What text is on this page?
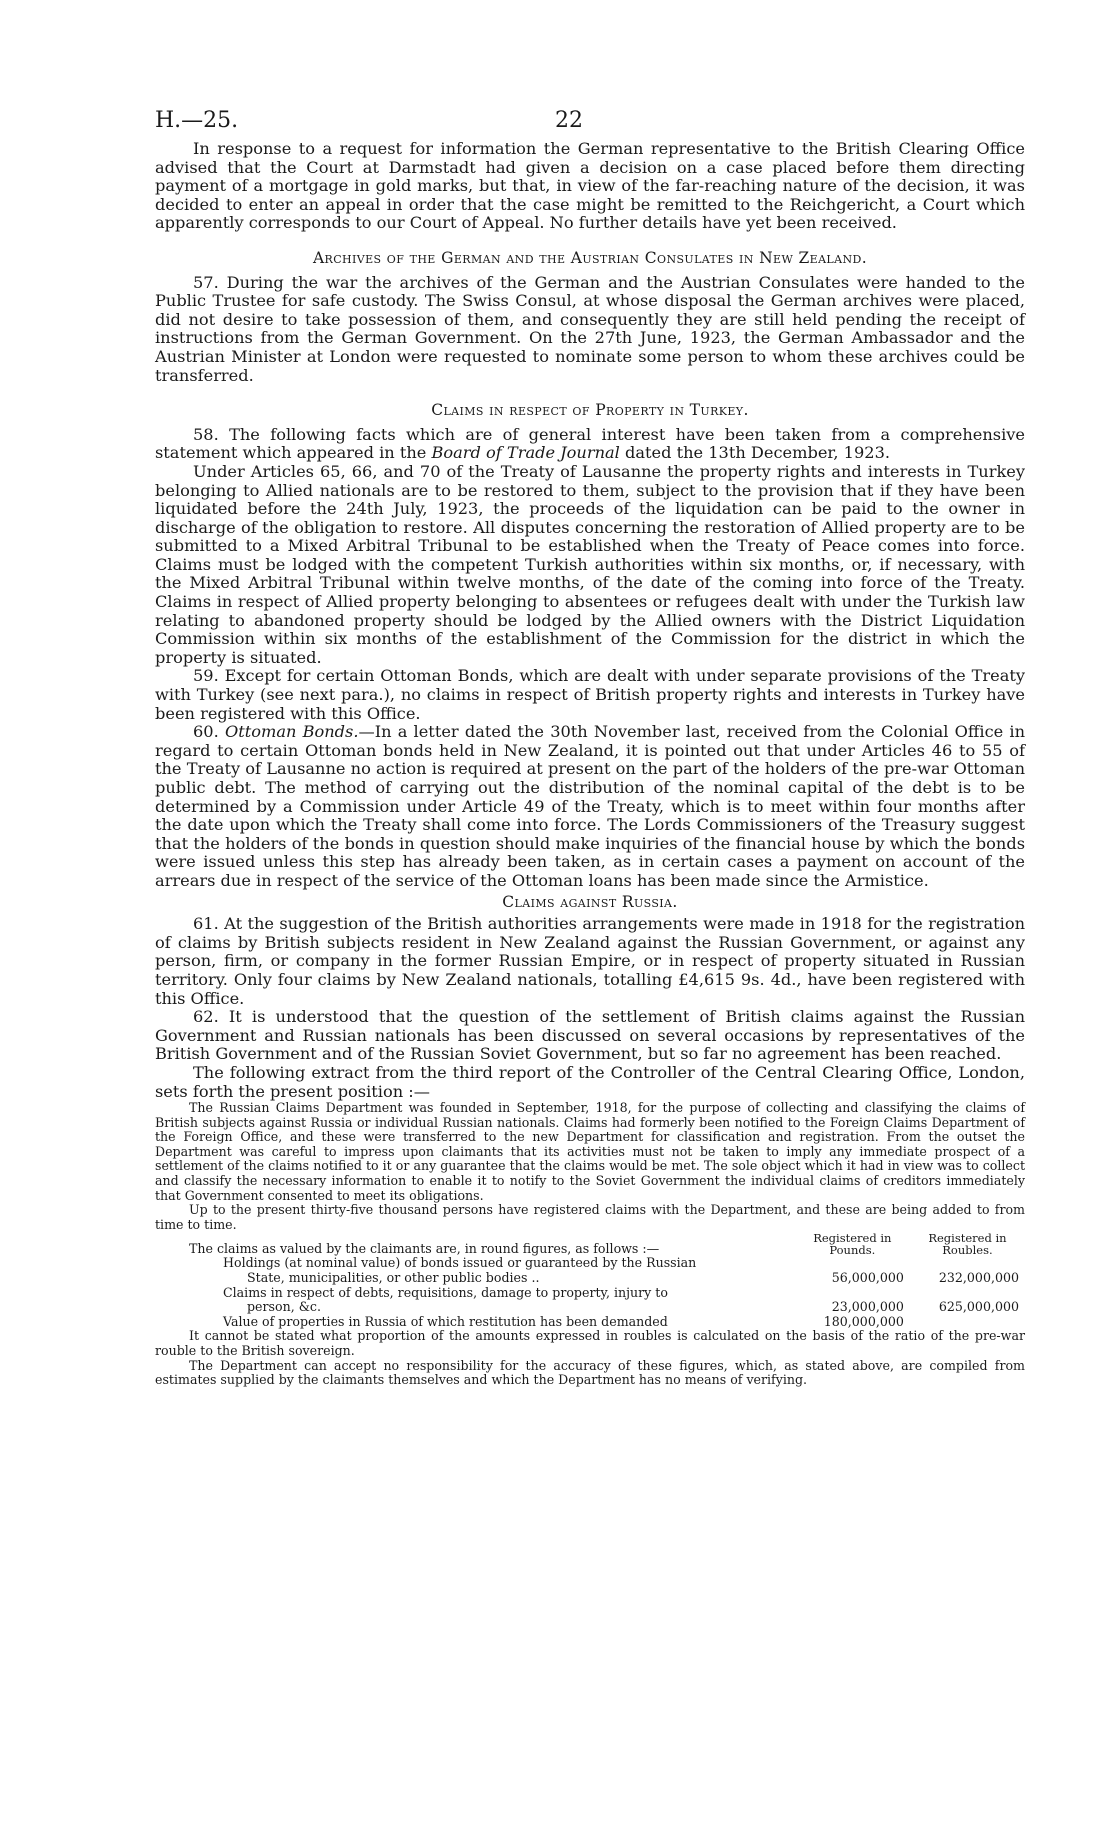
H.—25.	22

In response to a request for information the German representative to the British Clearing Office advised that the Court at Darmstadt had given a decision on a case placed before them directing payment of a mortgage in gold marks, but that, in view of the far-reaching nature of the decision, it was decided to enter an appeal in order that the case might be remitted to the Reichgericht, a Court which apparently corresponds to our Court of Appeal. No further details have yet been received.

Archives of the German and the Austrian Consulates in New Zealand.

57. During the war the archives of the German and the Austrian Consulates were handed to the Public Trustee for safe custody. The Swiss Consul, at whose disposal the German archives were placed, did not desire to take possession of them, and consequently they are still held pending the receipt of instructions from the German Government. On the 27th June, 1923, the German Ambassador and the Austrian Minister at London were requested to nominate some person to whom these archives could be transferred.

Claims in respect of Property in Turkey.

58. The following facts which are of general interest have been taken from a comprehensive statement which appeared in the Board of Trade Journal dated the 13th December, 1923.

Under Articles 65, 66, and 70 of the Treaty of Lausanne the property rights and interests in Turkey belonging to Allied nationals are to be restored to them, subject to the provision that if they have been liquidated before the 24th July, 1923, the proceeds of the liquidation can be paid to the owner in discharge of the obligation to restore. All disputes concerning the restoration of Allied property are to be submitted to a Mixed Arbitral Tribunal to be established when the Treaty of Peace comes into force. Claims must be lodged with the competent Turkish authorities within six months, or, if necessary, with the Mixed Arbitral Tribunal within twelve months, of the date of the coming into force of the Treaty. Claims in respect of Allied property belonging to absentees or refugees dealt with under the Turkish law relating to abandoned property should be lodged by the Allied owners with the District Liquidation Commission within six months of the establishment of the Commission for the district in which the property is situated.

59. Except for certain Ottoman Bonds, which are dealt with under separate provisions of the Treaty with Turkey (see next para.), no claims in respect of British property rights and interests in Turkey have been registered with this Office.

60. Ottoman Bonds.—In a letter dated the 30th November last, received from the Colonial Office in regard to certain Ottoman bonds held in New Zealand, it is pointed out that under Articles 46 to 55 of the Treaty of Lausanne no action is required at present on the part of the holders of the pre-war Ottoman public debt. The method of carrying out the distribution of the nominal capital of the debt is to be determined by a Commission under Article 49 of the Treaty, which is to meet within four months after the date upon which the Treaty shall come into force. The Lords Commissioners of the Treasury suggest that the holders of the bonds in question should make inquiries of the financial house by which the bonds were issued unless this step has already been taken, as in certain cases a payment on account of the arrears due in respect of the service of the Ottoman loans has been made since the Armistice.

Claims against Russia.

61. At the suggestion of the British authorities arrangements were made in 1918 for the registration of claims by British subjects resident in New Zealand against the Russian Government, or against any person, firm, or company in the former Russian Empire, or in respect of property situated in Russian territory. Only four claims by New Zealand nationals, totalling £4,615 9s. 4d., have been registered with this Office.

62. It is understood that the question of the settlement of British claims against the Russian Government and Russian nationals has been discussed on several occasions by representatives of the British Government and of the Russian Soviet Government, but so far no agreement has been reached.

The following extract from the third report of the Controller of the Central Clearing Office, London, sets forth the present position :—

The Russian Claims Department was founded in September, 1918, for the purpose of collecting and classifying the claims of British subjects against Russia or individual Russian nationals. Claims had formerly been notified to the Foreign Claims Department of the Foreign Office, and these were transferred to the new Department for classification and registration. From the outset the Department was careful to impress upon claimants that its activities must not be taken to imply any immediate prospect of a settlement of the claims notified to it or any guarantee that the claims would be met. The sole object which it had in view was to collect and classify the necessary information to enable it to notify to the Soviet Government the individual claims of creditors immediately that Government consented to meet its obligations.

Up to the present thirty-five thousand persons have registered claims with the Department, and these are being added to from time to time.

The claims as valued by the claimants are, in round figures, as follows :—	Registered in Pounds.	Registered in Roubles.
Holdings (at nominal value) of bonds issued or guaranteed by the Russian		
State, municipalities, or other public bodies ..	56,000,000	232,000,000
Claims in respect of debts, requisitions, damage to property, injury to		
person, &c.	23,000,000	625,000,000
Value of properties in Russia of which restitution has been demanded	180,000,000	

It cannot be stated what proportion of the amounts expressed in roubles is calculated on the basis of the ratio of the pre-war rouble to the British sovereign.

The Department can accept no responsibility for the accuracy of these figures, which, as stated above, are compiled from estimates supplied by the claimants themselves and which the Department has no means of verifying.
